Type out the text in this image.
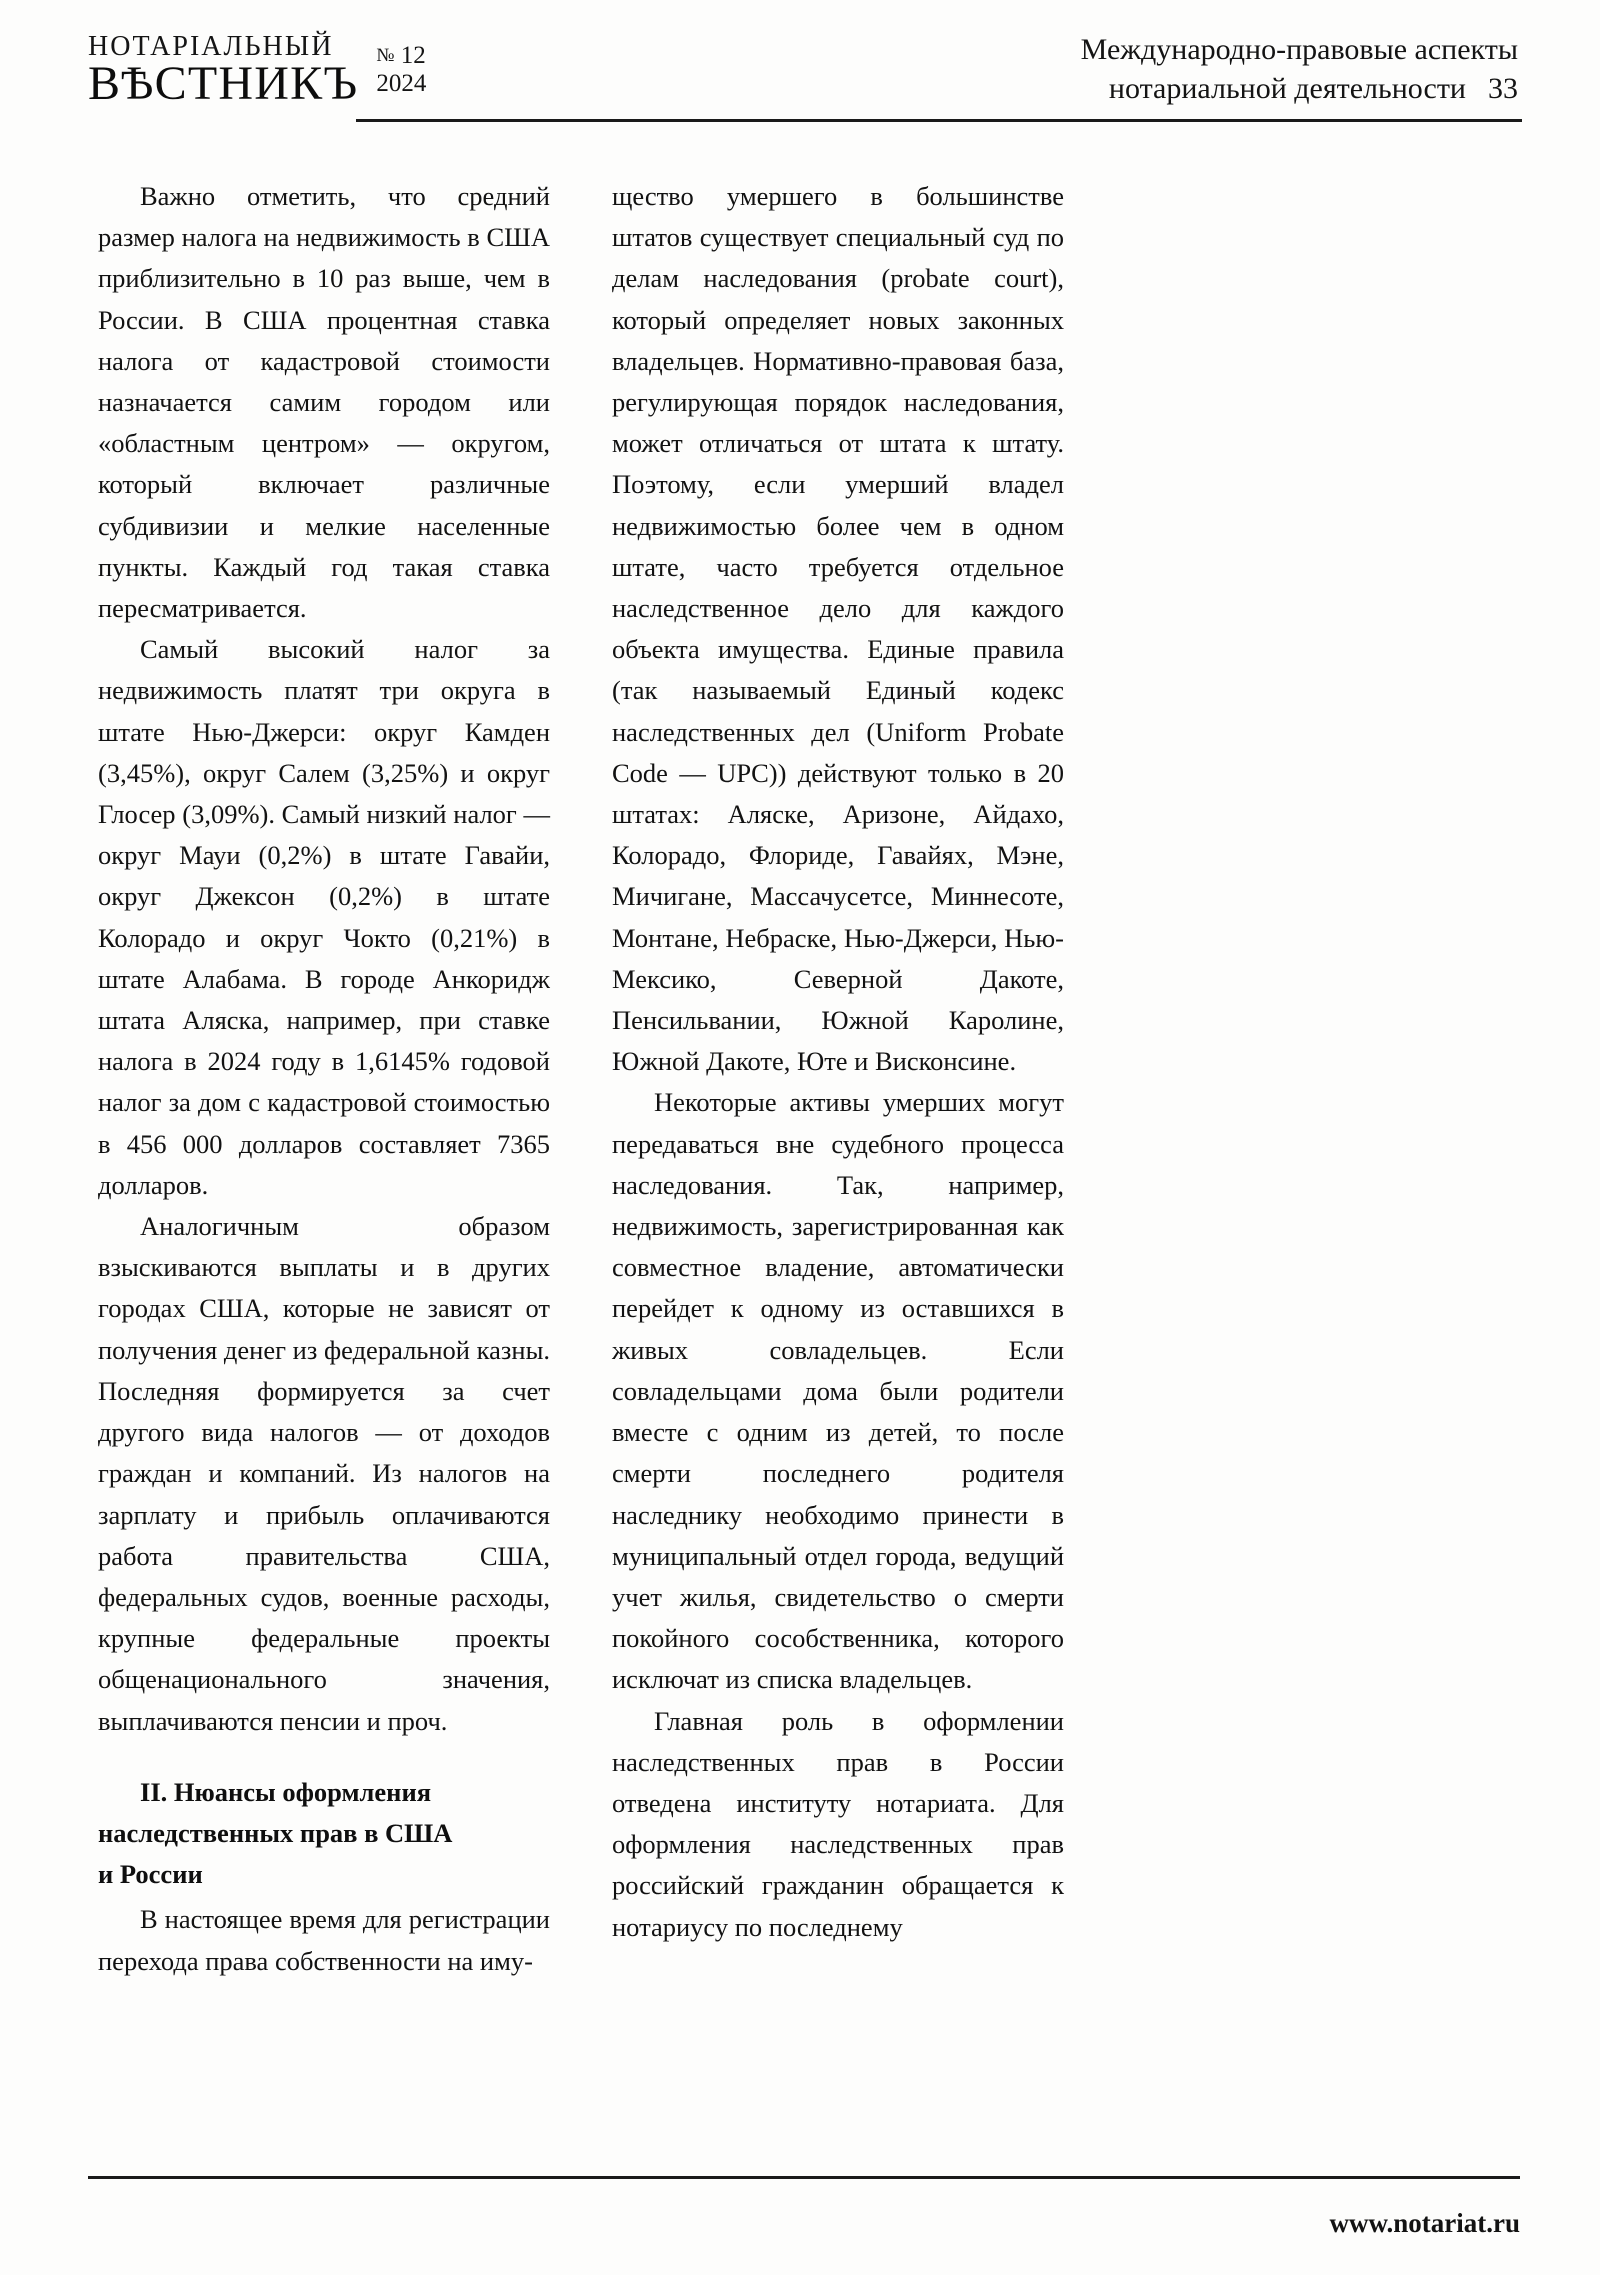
НОТАРІАЛЬНЫЙ
ВѢСТНИКЪ
№ 12
2024
Международно-правовые аспекты
нотариальной деятельности 33

Важно отметить, что средний размер налога на недвижимость в США приблизительно в 10 раз выше, чем в России. В США процентная ставка налога от кадастровой стоимости назначается самим городом или «областным центром» — округом, который включает различные субдивизии и мелкие населенные пункты. Каждый год такая ставка пересматривается.

Самый высокий налог за недвижимость платят три округа в штате Нью-Джерси: округ Камден (3,45%), округ Салем (3,25%) и округ Глосер (3,09%). Самый низкий налог — округ Мауи (0,2%) в штате Гавайи, округ Джексон (0,2%) в штате Колорадо и округ Чокто (0,21%) в штате Алабама. В городе Анкоридж штата Аляска, например, при ставке налога в 2024 году в 1,6145% годовой налог за дом с кадастровой стоимостью в 456 000 долларов составляет 7365 долларов.

Аналогичным образом взыскиваются выплаты и в других городах США, которые не зависят от получения денег из федеральной казны. Последняя формируется за счет другого вида налогов — от доходов граждан и компаний. Из налогов на зарплату и прибыль оплачиваются работа правительства США, федеральных судов, военные расходы, крупные федеральные проекты общенационального значения, выплачиваются пенсии и проч.

II. Нюансы оформления
наследственных прав в США
и России

В настоящее время для регистрации перехода права собственности на иму-

щество умершего в большинстве штатов существует специальный суд по делам наследования (probate court), который определяет новых законных владельцев. Нормативно-правовая база, регулирующая порядок наследования, может отличаться от штата к штату. Поэтому, если умерший владел недвижимостью более чем в одном штате, часто требуется отдельное наследственное дело для каждого объекта имущества. Единые правила (так называемый Единый кодекс наследственных дел (Uniform Probate Code — UPC)) действуют только в 20 штатах: Аляске, Аризоне, Айдахо, Колорадо, Флориде, Гавайях, Мэне, Мичигане, Массачусетсе, Миннесоте, Монтане, Небраске, Нью-Джерси, Нью-Мексико, Северной Дакоте, Пенсильвании, Южной Каролине, Южной Дакоте, Юте и Висконсине.

Некоторые активы умерших могут передаваться вне судебного процесса наследования. Так, например, недвижимость, зарегистрированная как совместное владение, автоматически перейдет к одному из оставшихся в живых совладельцев. Если совладельцами дома были родители вместе с одним из детей, то после смерти последнего родителя наследнику необходимо принести в муниципальный отдел города, ведущий учет жилья, свидетельство о смерти покойного сособственника, которого исключат из списка владельцев.

Главная роль в оформлении наследственных прав в России отведена институту нотариата. Для оформления наследственных прав российский гражданин обращается к нотариусу по последнему

www.notariat.ru
